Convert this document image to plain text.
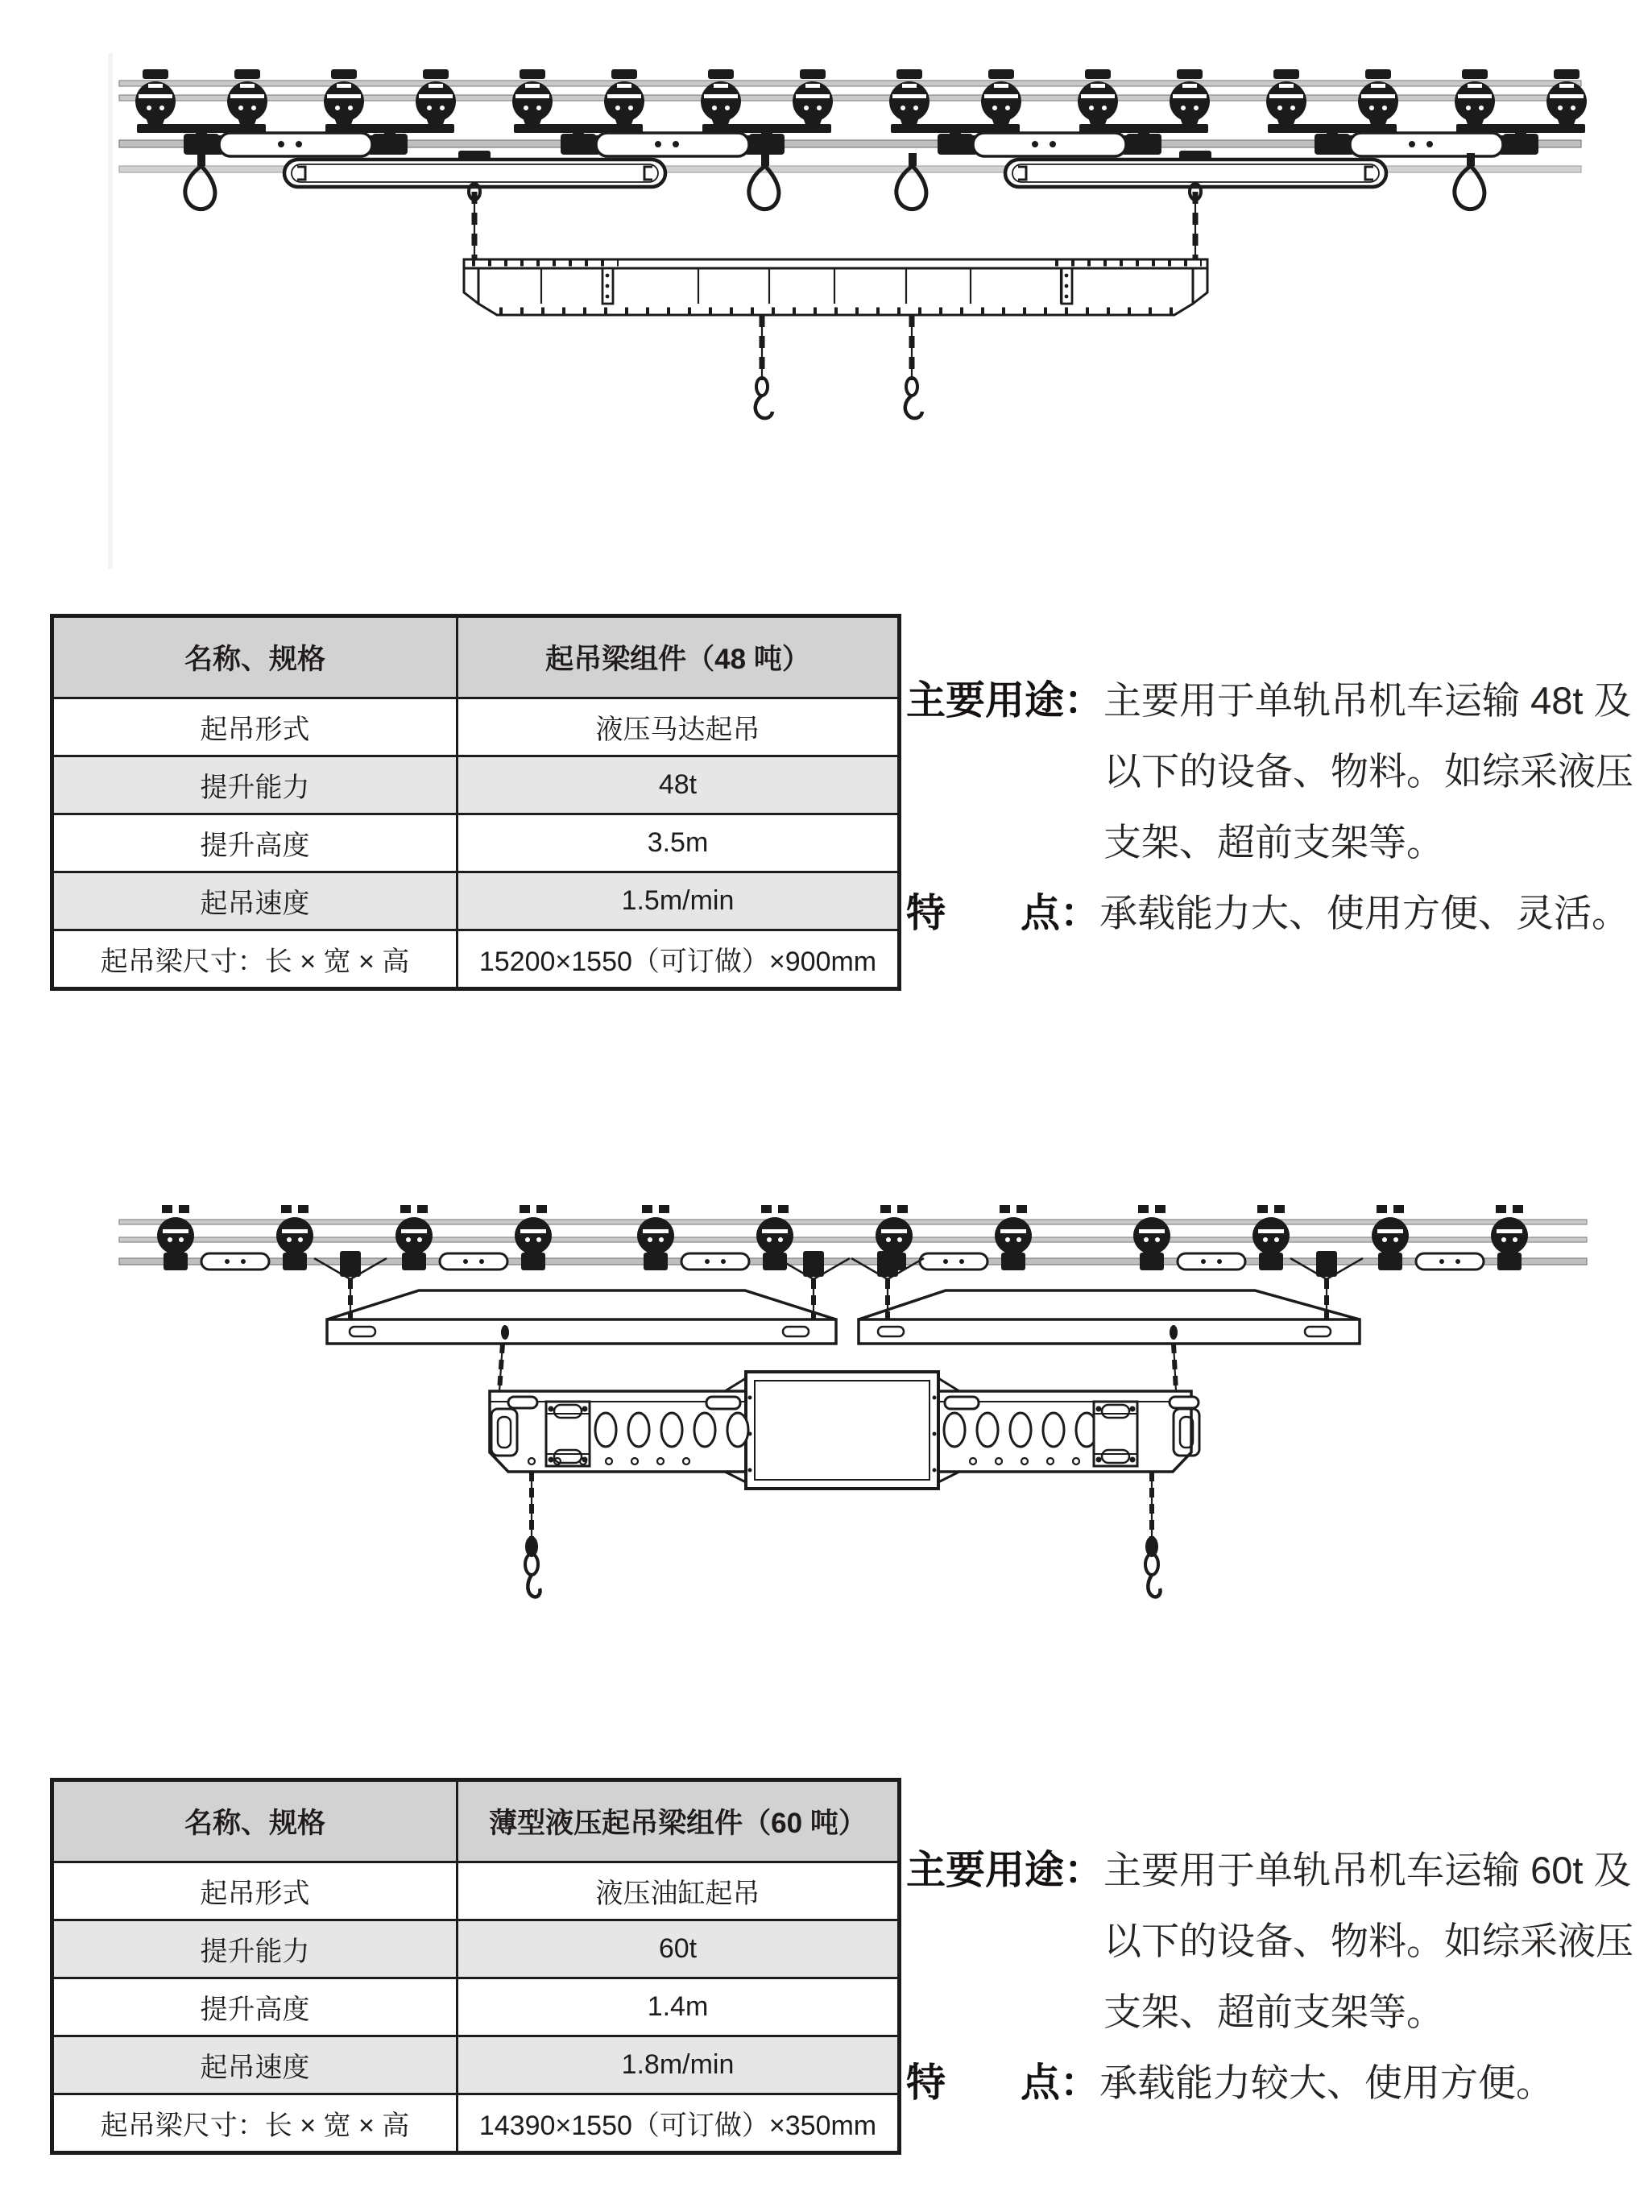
名称、规格	起吊梁组件（48 吨）
起吊形式	液压马达起吊
提升能力	48t
提升高度	3.5m
起吊速度	1.5m/min
起吊梁尺寸：长 × 宽 × 高	15200×1550（可订做）×900mm
主要用途： 主要用于单轨吊机车运输 48t 及
以下的设备、物料。如综采液压
支架、超前支架等。
特 点： 承载能力大、使用方便、灵活。
名称、规格	薄型液压起吊梁组件（60 吨）
起吊形式	液压油缸起吊
提升能力	60t
提升高度	1.4m
起吊速度	1.8m/min
起吊梁尺寸：长 × 宽 × 高	14390×1550（可订做）×350mm
主要用途： 主要用于单轨吊机车运输 60t 及
以下的设备、物料。如综采液压
支架、超前支架等。
特 点： 承载能力较大、使用方便。
